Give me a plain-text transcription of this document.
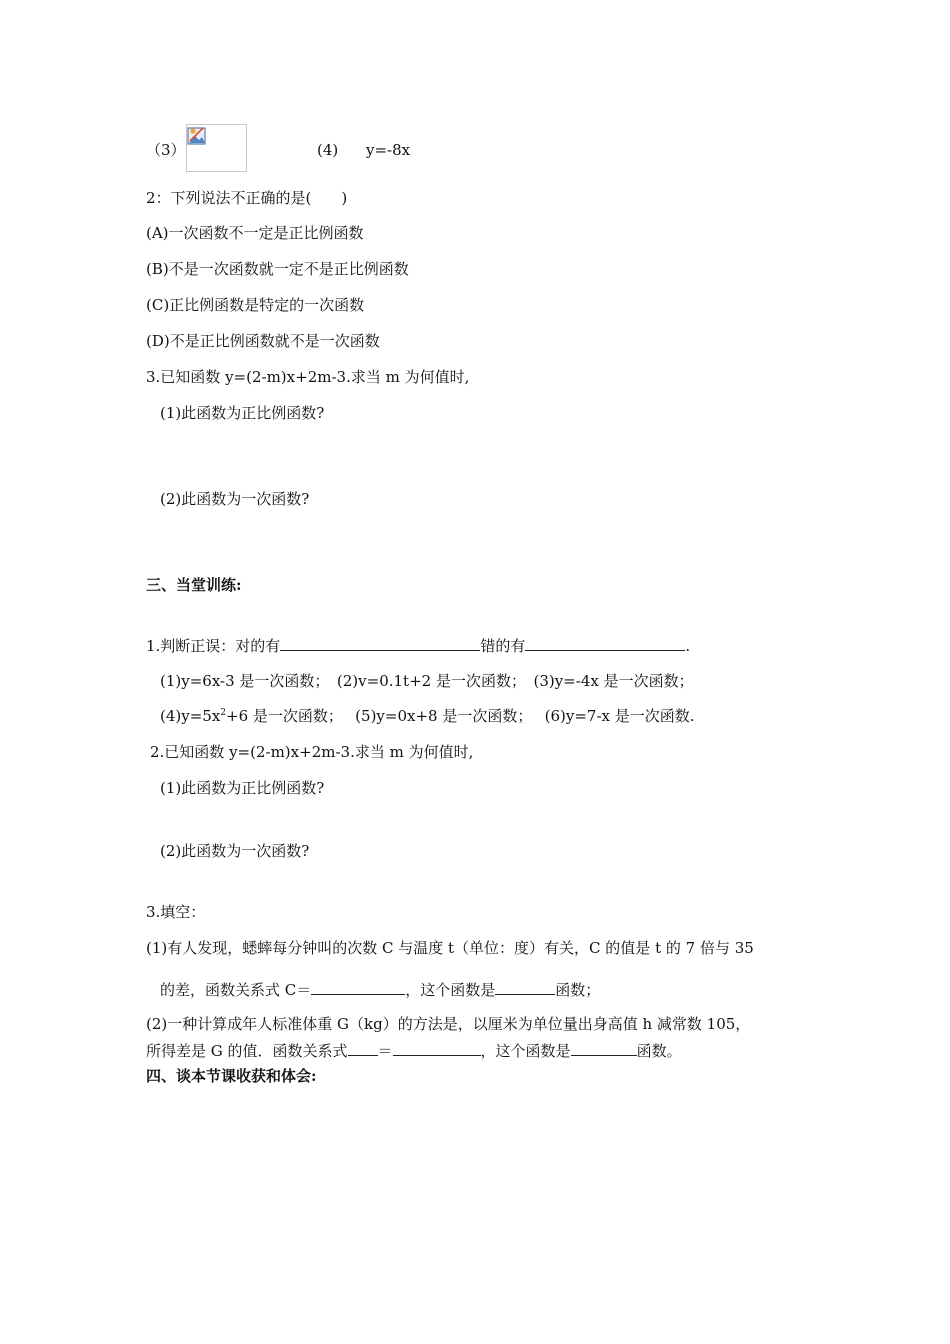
（3）	(4) y=-8x
2：下列说法不正确的是(　　)
(A)一次函数不一定是正比例函数
(B)不是一次函数就一定不是正比例函数
(C)正比例函数是特定的一次函数
(D)不是正比例函数就不是一次函数
3.已知函数 y=(2-m)x+2m-3.求当 m 为何值时,
(1)此函数为正比例函数?
(2)此函数为一次函数?
三、当堂训练:
1.判断正误：对的有	错的有	.
(1)y=6x-3 是一次函数；　(2)v=0.1t+2 是一次函数；　(3)y=-4x 是一次函数；
$(4)y=5x^2+6$ 是一次函数；　 (5)y=0x+8 是一次函数；　 (6)y=7-x 是一次函数.
2.已知函数 y=(2-m)x+2m-3.求当 m 为何值时,
(1)此函数为正比例函数?
(2)此函数为一次函数?
3.填空：
(1)有人发现，蟋蟀每分钟叫的次数 C 与温度 t（单位：度）有关，C 的值是 t 的 7 倍与 35
的差，函数关系式 C＝	，这个函数是	函数；
(2)一种计算成年人标准体重 G（kg）的方法是，以厘米为单位量出身高值 h 减常数 105，
所得差是 G 的值．函数关系式 ＝	，这个函数是	函数。
四、谈本节课收获和体会:
